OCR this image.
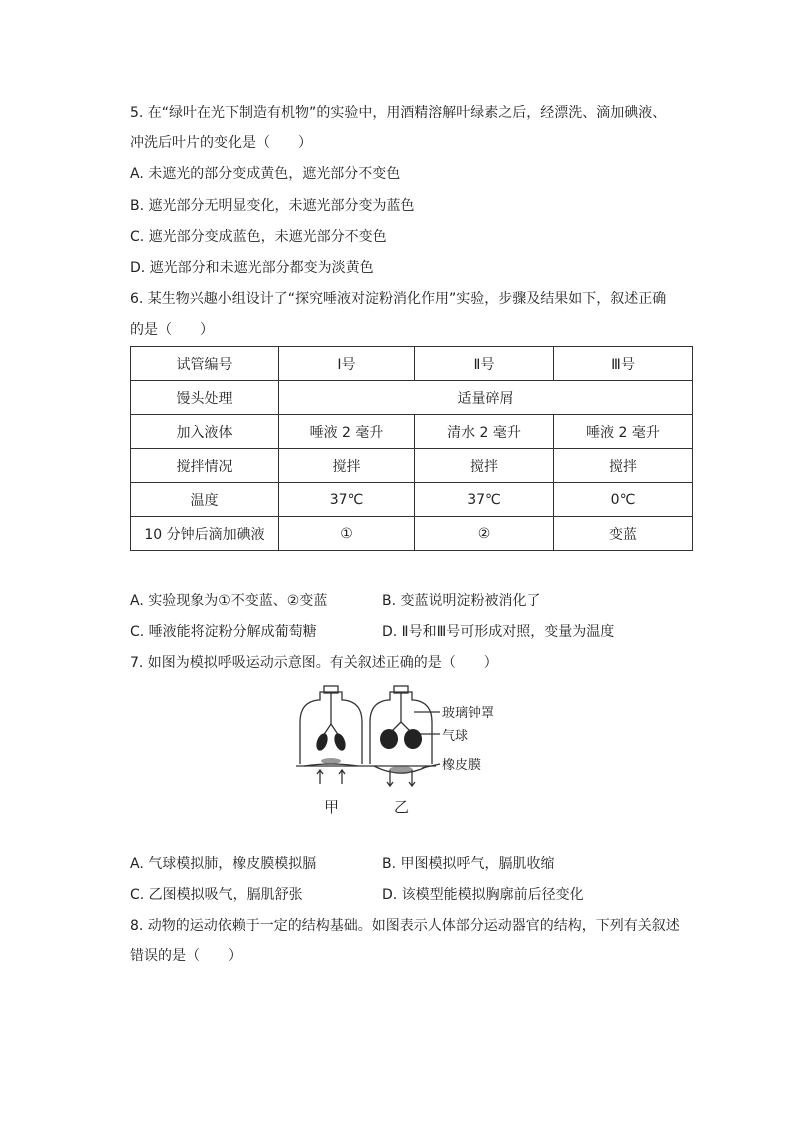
5. 在“绿叶在光下制造有机物”的实验中，用酒精溶解叶绿素之后，经漂洗、滴加碘液、
冲洗后叶片的变化是（　　）
A. 未遮光的部分变成黄色，遮光部分不变色
B. 遮光部分无明显变化，未遮光部分变为蓝色
C. 遮光部分变成蓝色，未遮光部分不变色
D. 遮光部分和未遮光部分都变为淡黄色
6. 某生物兴趣小组设计了“探究唾液对淀粉消化作用”实验，步骤及结果如下，叙述正确
的是（　　）
试管编号	Ⅰ号	Ⅱ号	Ⅲ号
馒头处理	适量碎屑		
加入液体	唾液 2 毫升	清水 2 毫升	唾液 2 毫升
搅拌情况	搅拌	搅拌	搅拌
温度	37℃	37℃	0℃
10 分钟后滴加碘液	①	②	变蓝
A. 实验现象为①不变蓝、②变蓝	B. 变蓝说明淀粉被消化了
C. 唾液能将淀粉分解成葡萄糖	D. Ⅱ号和Ⅲ号可形成对照，变量为温度
7. 如图为模拟呼吸运动示意图。有关叙述正确的是（　　）
玻璃钟罩
气球
橡皮膜
甲	乙
A. 气球模拟肺，橡皮膜模拟膈	B. 甲图模拟呼气，膈肌收缩
C. 乙图模拟吸气，膈肌舒张	D. 该模型能模拟胸廓前后径变化
8. 动物的运动依赖于一定的结构基础。如图表示人体部分运动器官的结构，下列有关叙述
错误的是（　　）
